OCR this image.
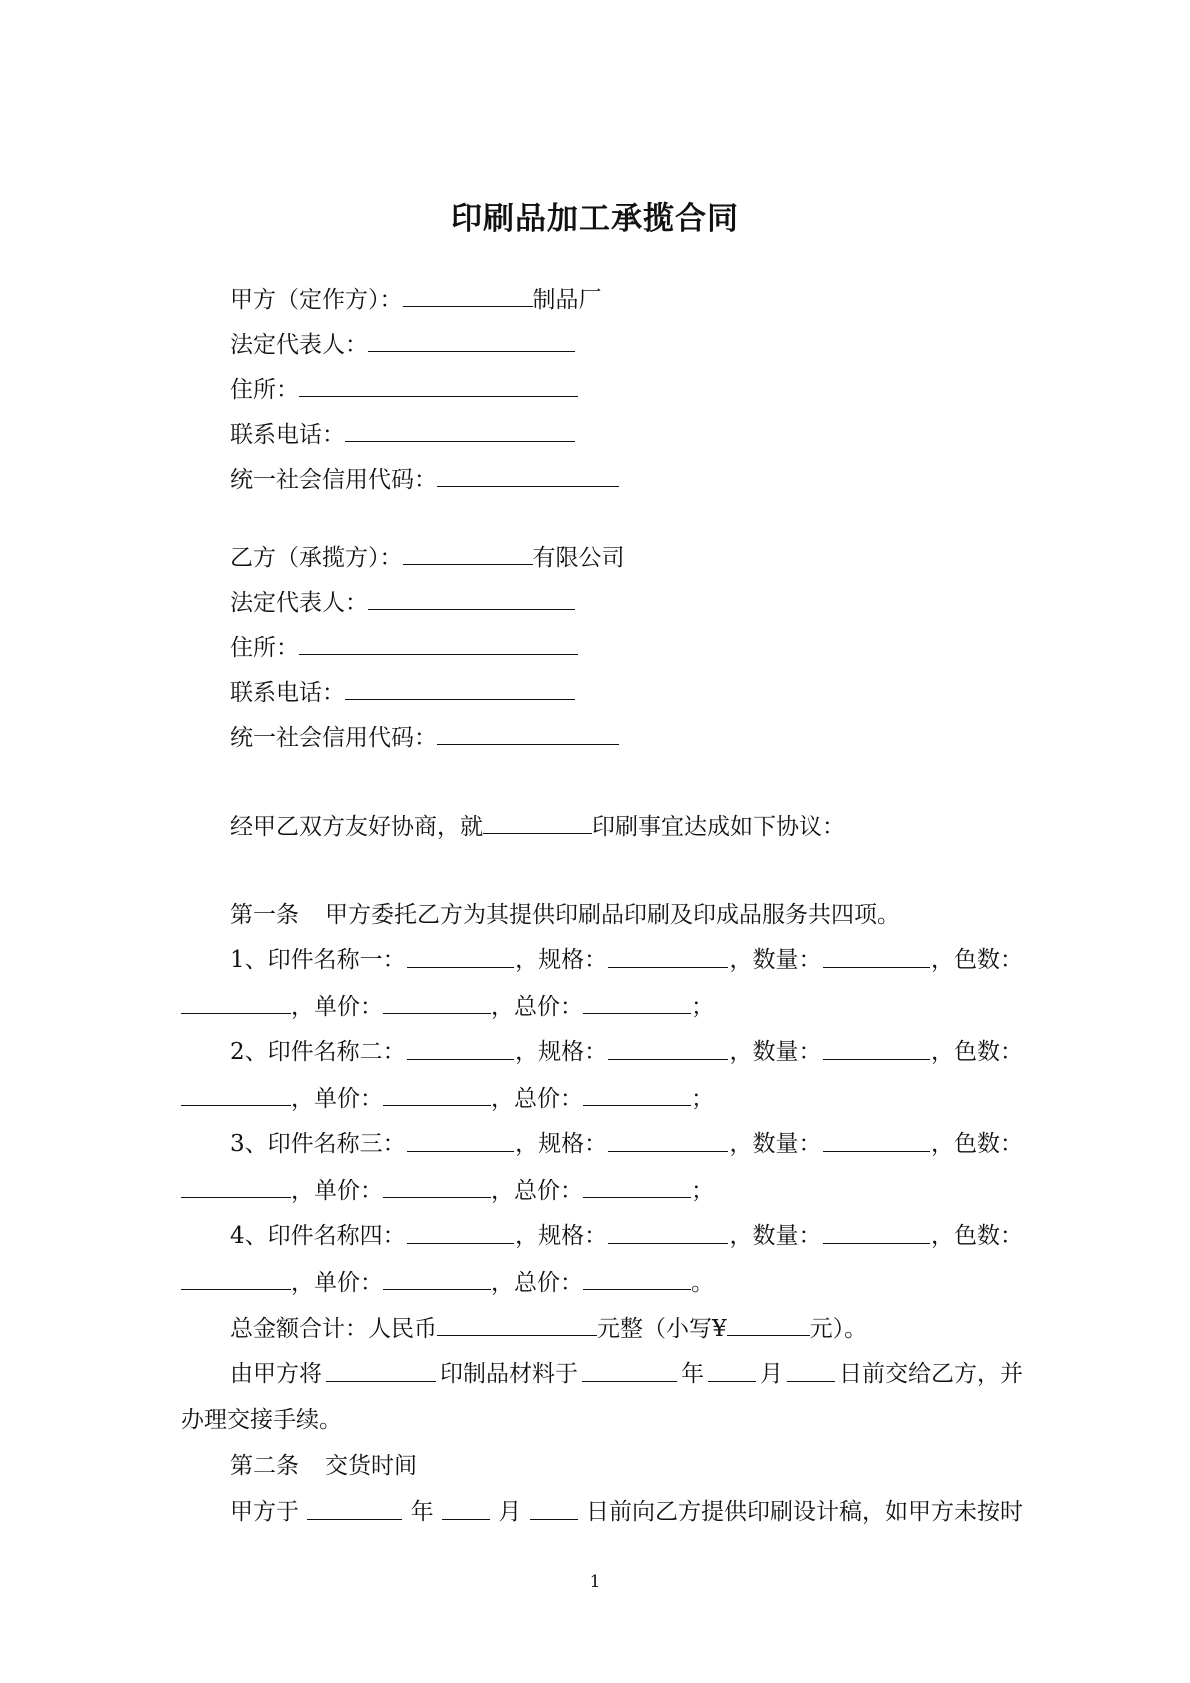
印刷品加工承揽合同
甲方（定作方）：	制品厂
法定代表人：
住所：
联系电话：
统一社会信用代码：
乙方（承揽方）：	有限公司
法定代表人：
住所：
联系电话：
统一社会信用代码：
经甲乙双方友好协商，就	印刷事宜达成如下协议：
第一条 甲方委托乙方为其提供印刷品印刷及印成品服务共四项。
1、印件名称一：	，规格：	，数量：	，色数：
，单价：	，总价：	；
2、印件名称二：	，规格：	，数量：	，色数：
，单价：	，总价：	；
3、印件名称三：	，规格：	，数量：	，色数：
，单价：	，总价：	；
4、印件名称四：	，规格：	，数量：	，色数：
，单价：	，总价：	。
总金额合计：人民币	元整（小写¥	元）。
由甲方将	印制品材料于	年 月 日前交给乙方，并
办理交接手续。
第二条 交货时间
甲方于	年	月	日前向乙方提供印刷设计稿，如甲方未按时
1
